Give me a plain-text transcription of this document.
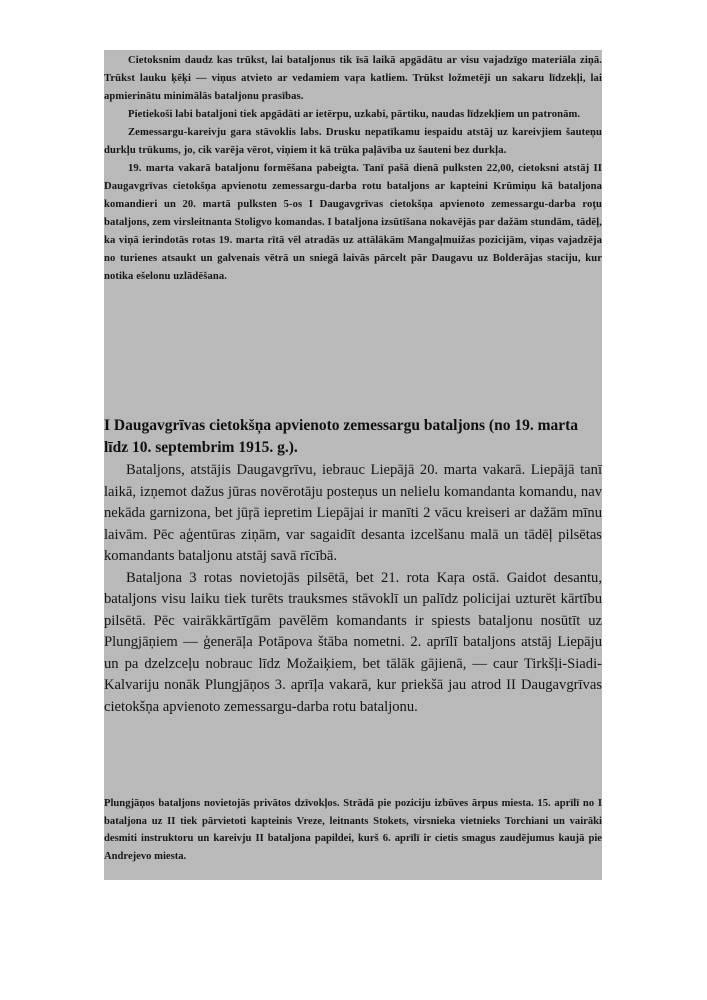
Cietoksnim daudz kas trūkst, lai bataljonus tik īsā laikā apgādātu ar visu vajadzīgo materiāla ziņā. Trūkst lauku ķēķi — viņus atvieto ar vedamiem vaŗa katliem. Trūkst ložmetēji un sakaru līdzekļi, lai apmierinātu minimālās bataljonu prasības.

Pietiekoši labi bataljoni tiek apgādāti ar ietērpu, uzkabi, pārtiku, naudas līdzekļiem un patronām.

Zemessargu-kareivju gara stāvoklis labs. Drusku nepatīkamu iespaidu atstāj uz kareivjiem šauteņu durkļu trūkums, jo, cik varēja vērot, viņiem it kā trūka paļāvība uz šauteni bez durkļa.

19. marta vakarā bataljonu formēšana pabeigta. Tanī pašā dienā pulksten 22,00, cietoksni atstāj II Daugavgrīvas cietokšņa apvienotu zemessargu-darba rotu bataljons ar kapteini Krūmiņu kā bataljona komandieri un 20. martā pulksten 5-os I Daugavgrīvas cietokšņa apvienoto zemessargu-darba roţu bataljons, zem virsleitnanta Stoligvo komandas. I bataljona izsūtīšana nokavējās par dažām stundām, tādēļ, ka viņā ierindotās rotas 19. marta rītā vēl atradās uz attālākām Mangaļmuižas pozicijām, viņas vajadzēja no turienes atsaukt un galvenais vētrā un sniegā laivās pārcelt pār Daugavu uz Bolderājas staciju, kur notika ešelonu uzlādēšana.

I Daugavgrīvas cietokšņa apvienoto zemessargu bataljons (no 19. marta līdz 10. septembrim 1915. g.).

Bataljons, atstājis Daugavgrīvu, iebrauc Liepājā 20. marta vakarā. Liepājā tanī laikā, izņemot dažus jūras novērotāju posteņus un nelielu komandanta komandu, nav nekāda garnizona, bet jūŗā iepretim Liepājai ir manīti 2 vācu kreiseri ar dažām mīnu laivām. Pēc aģentūras ziņām, var sagaidīt desanta izcelšanu malā un tādēļ pilsētas komandants bataljonu atstāj savā rīcībā.

Bataljona 3 rotas novietojās pilsētā, bet 21. rota Kaŗa ostā. Gaidot desantu, bataljons visu laiku tiek turēts trauksmes stāvoklī un palīdz policijai uzturēt kārtību pilsētā. Pēc vairākkārtīgām pavēlēm komandants ir spiests bataljonu nosūtīt uz Plungjāņiem — ģenerāļa Potāpova štāba nometni. 2. aprīlī bataljons atstāj Liepāju un pa dzelzceļu nobrauc līdz Možaiķiem, bet tālāk gājienā, — caur Tirkšļi-Siadi-Kalvariju nonāk Plungjāņos 3. aprīļa vakarā, kur priekšā jau atrod II Daugavgrīvas cietokšņa apvienoto zemessargu-darba rotu bataljonu.

Plungjāņos bataljons novietojās privātos dzīvokļos. Strādā pie poziciju izbūves ārpus miesta. 15. aprīlī no I bataljona uz II tiek pārvietoti kapteinis Vreze, leitnants Stokets, virsnieka vietnieks Torchiani un vairāki desmiti instruktoru un kareivju II bataljona papildei, kurš 6. aprīlī ir cietis smagus zaudējumus kaujā pie Andrejevo miesta.
